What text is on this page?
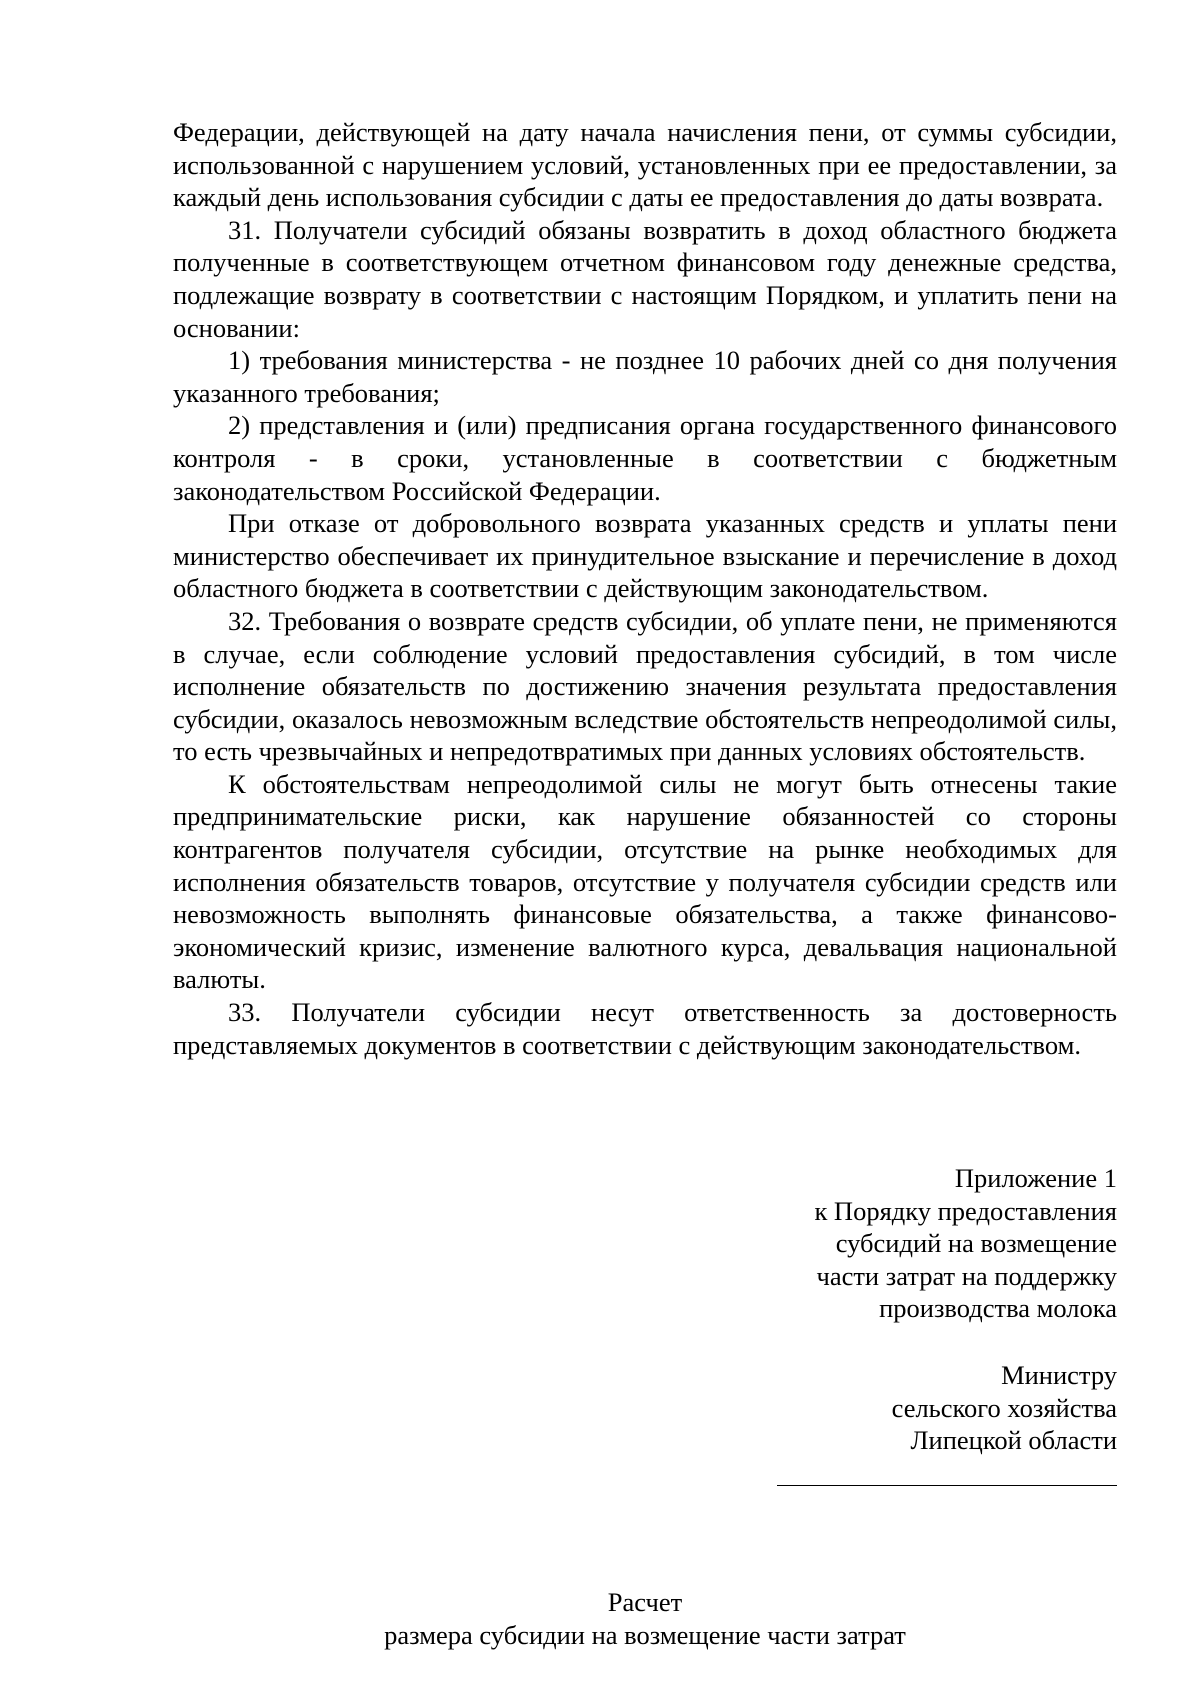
Федерации, действующей на дату начала начисления пени, от суммы субсидии, использованной с нарушением условий, установленных при ее предоставлении, за каждый день использования субсидии с даты ее предоставления до даты возврата.

31. Получатели субсидий обязаны возвратить в доход областного бюджета полученные в соответствующем отчетном финансовом году денежные средства, подлежащие возврату в соответствии с настоящим Порядком, и уплатить пени на основании:

1) требования министерства - не позднее 10 рабочих дней со дня получения указанного требования;

2) представления и (или) предписания органа государственного финансового контроля - в сроки, установленные в соответствии с бюджетным законодательством Российской Федерации.

При отказе от добровольного возврата указанных средств и уплаты пени министерство обеспечивает их принудительное взыскание и перечисление в доход областного бюджета в соответствии с действующим законодательством.

32. Требования о возврате средств субсидии, об уплате пени, не применяются в случае, если соблюдение условий предоставления субсидий, в том числе исполнение обязательств по достижению значения результата предоставления субсидии, оказалось невозможным вследствие обстоятельств непреодолимой силы, то есть чрезвычайных и непредотвратимых при данных условиях обстоятельств.

К обстоятельствам непреодолимой силы не могут быть отнесены такие предпринимательские риски, как нарушение обязанностей со стороны контрагентов получателя субсидии, отсутствие на рынке необходимых для исполнения обязательств товаров, отсутствие у получателя субсидии средств или невозможность выполнять финансовые обязательства, а также финансово-экономический кризис, изменение валютного курса, девальвация национальной валюты.

33. Получатели субсидии несут ответственность за достоверность представляемых документов в соответствии с действующим законодательством.

Приложение 1
к Порядку предоставления
субсидий на возмещение
части затрат на поддержку
производства молока
Министру
сельского хозяйства
Липецкой области
Расчет
размера субсидии на возмещение части затрат
